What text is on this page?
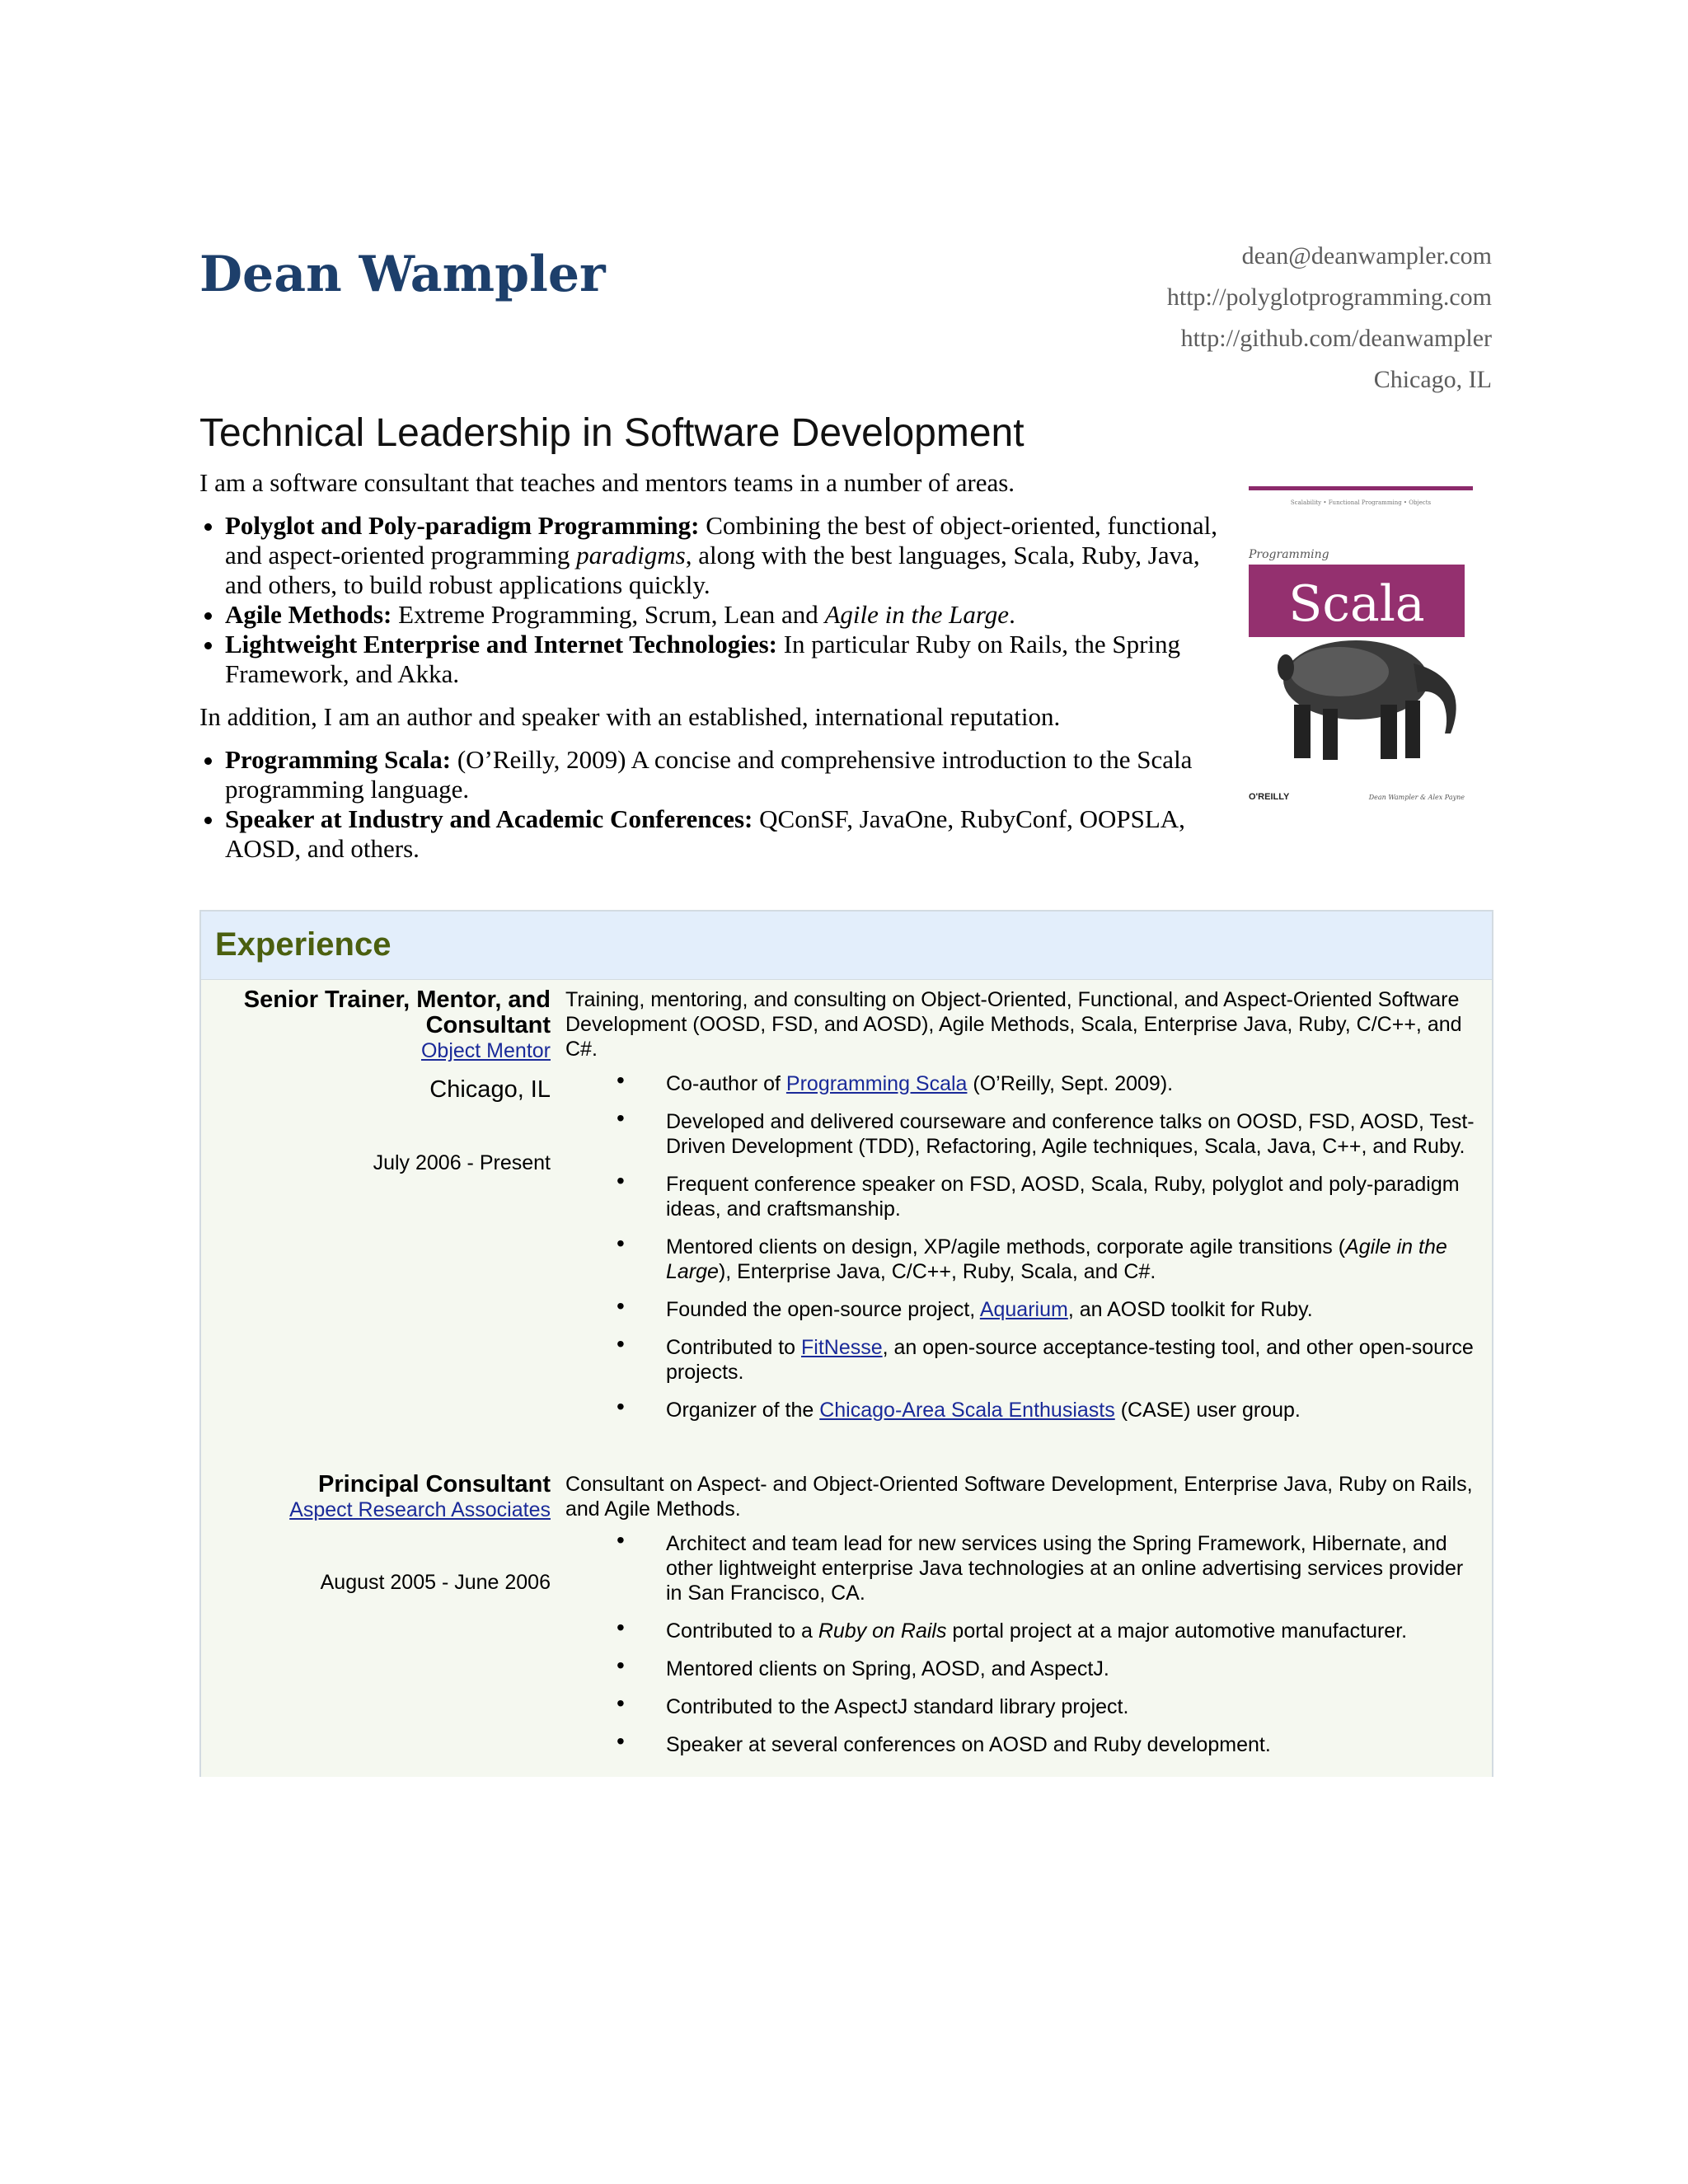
Dean Wampler	dean@deanwampler.com
http://polyglotprogramming.com
http://github.com/deanwampler
Chicago, IL
Technical Leadership in Software Development

I am a software consultant that teaches and mentors teams in a number of areas.

• Polyglot and Poly-paradigm Programming: Combining the best of object-oriented, functional, and aspect-oriented programming paradigms, along with the best languages, Scala, Ruby, Java, and others, to build robust applications quickly.
• Agile Methods: Extreme Programming, Scrum, Lean and Agile in the Large.
• Lightweight Enterprise and Internet Technologies: In particular Ruby on Rails, the Spring Framework, and Akka.

In addition, I am an author and speaker with an established, international reputation.

• Programming Scala: (O’Reilly, 2009) A concise and comprehensive introduction to the Scala programming language.
• Speaker at Industry and Academic Conferences: QConSF, JavaOne, RubyConf, OOPSLA, AOSD, and others.
Scalability • Functional Programming • Objects
Programming
Scala
O'REILLY	Dean Wampler & Alex Payne
Experience
Senior Trainer, Mentor, and Consultant
Object Mentor
Chicago, IL
July 2006 - Present

Training, mentoring, and consulting on Object-Oriented, Functional, and Aspect-Oriented Software Development (OOSD, FSD, and AOSD), Agile Methods, Scala, Enterprise Java, Ruby, C/C++, and C#.

• Co-author of Programming Scala (O’Reilly, Sept. 2009).
• Developed and delivered courseware and conference talks on OOSD, FSD, AOSD, Test-Driven Development (TDD), Refactoring, Agile techniques, Scala, Java, C++, and Ruby.
• Frequent conference speaker on FSD, AOSD, Scala, Ruby, polyglot and poly-paradigm ideas, and craftsmanship.
• Mentored clients on design, XP/agile methods, corporate agile transitions (Agile in the Large), Enterprise Java, C/C++, Ruby, Scala, and C#.
• Founded the open-source project, Aquarium, an AOSD toolkit for Ruby.
• Contributed to FitNesse, an open-source acceptance-testing tool, and other open-source projects.
• Organizer of the Chicago-Area Scala Enthusiasts (CASE) user group.
Principal Consultant
Aspect Research Associates
August 2005 - June 2006

Consultant on Aspect- and Object-Oriented Software Development, Enterprise Java, Ruby on Rails, and Agile Methods.

• Architect and team lead for new services using the Spring Framework, Hibernate, and other lightweight enterprise Java technologies at an online advertising services provider in San Francisco, CA.
• Contributed to a Ruby on Rails portal project at a major automotive manufacturer.
• Mentored clients on Spring, AOSD, and AspectJ.
• Contributed to the AspectJ standard library project.
• Speaker at several conferences on AOSD and Ruby development.
